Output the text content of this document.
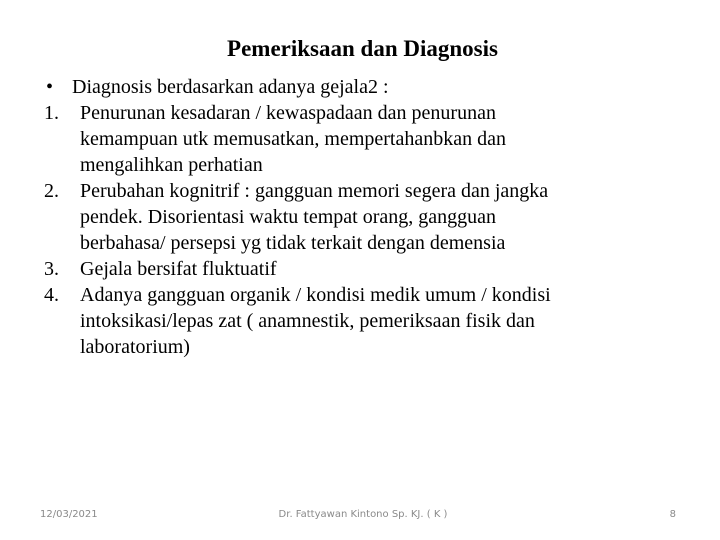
Pemeriksaan dan Diagnosis
• Diagnosis berdasarkan adanya gejala2 :
1.	Penurunan kesadaran / kewaspadaan dan penurunan
kemampuan utk memusatkan, mempertahanbkan dan
mengalihkan perhatian
2.	Perubahan kognitrif : gangguan memori segera dan jangka
pendek. Disorientasi waktu tempat orang, gangguan
berbahasa/ persepsi yg tidak terkait dengan demensia
3.	Gejala bersifat fluktuatif
4.	Adanya gangguan organik / kondisi medik umum / kondisi
intoksikasi/lepas zat ( anamnestik, pemeriksaan fisik dan
laboratorium)
12/03/2021	Dr. Fattyawan Kintono Sp. KJ. ( K )	8
